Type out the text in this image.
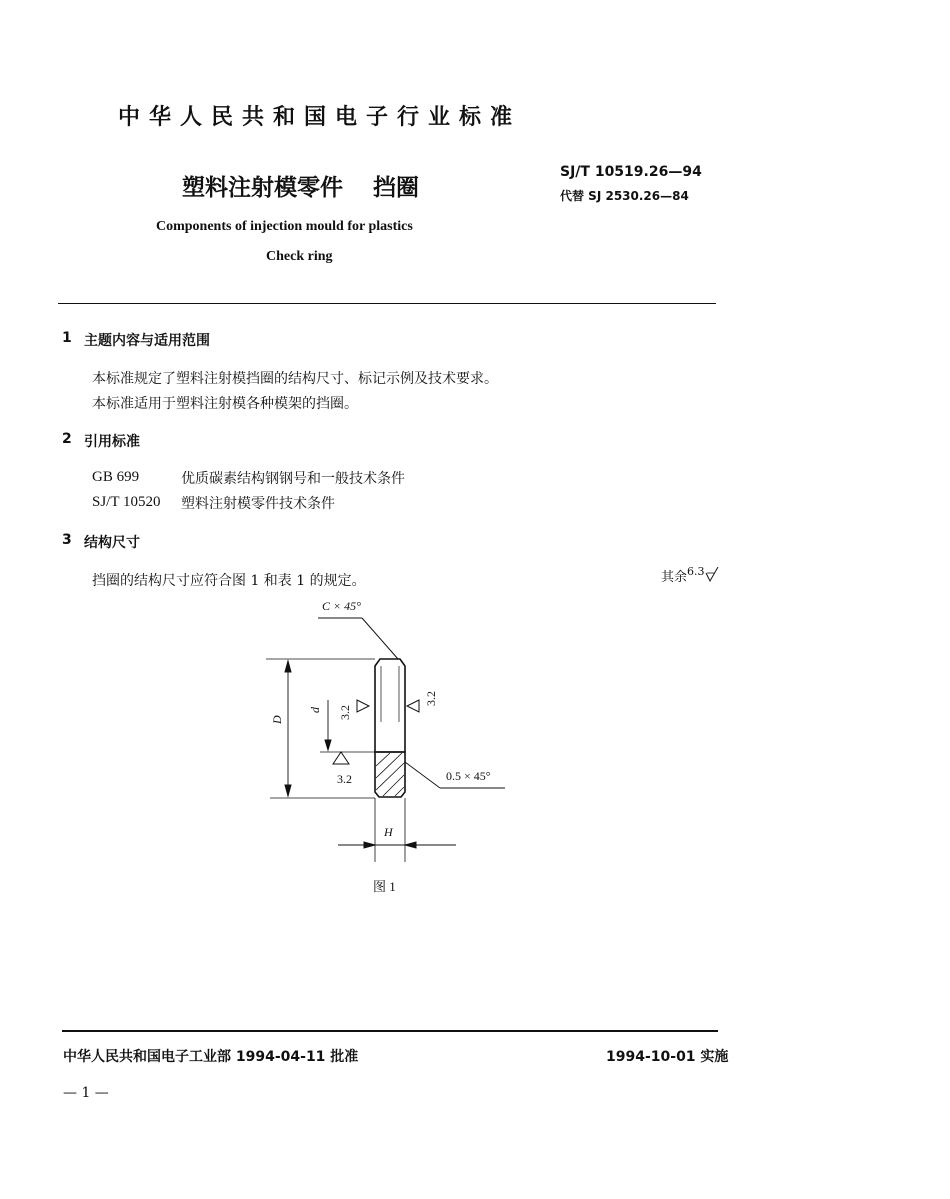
中华人民共和国电子行业标准
塑料注射模零件 挡圈
SJ/T 10519.26—94
代替 SJ 2530.26—84
Components of injection mould for plastics
Check ring
1 主题内容与适用范围
本标准规定了塑料注射模挡圈的结构尺寸、标记示例及技术要求。
本标准适用于塑料注射模各种模架的挡圈。
2 引用标准
GB 699	优质碳素结构钢钢号和一般技术条件
SJ/T 10520 塑料注射模零件技术条件
3 结构尺寸
挡圈的结构尺寸应符合图 1 和表 1 的规定。	其余$^{6.3}$
C × 45°
D
d 3.2
3.2
3.2	0.5 × 45°
H
图 1
中华人民共和国电子工业部 1994-04-11 批准	1994-10-01 实施
— 1 —
